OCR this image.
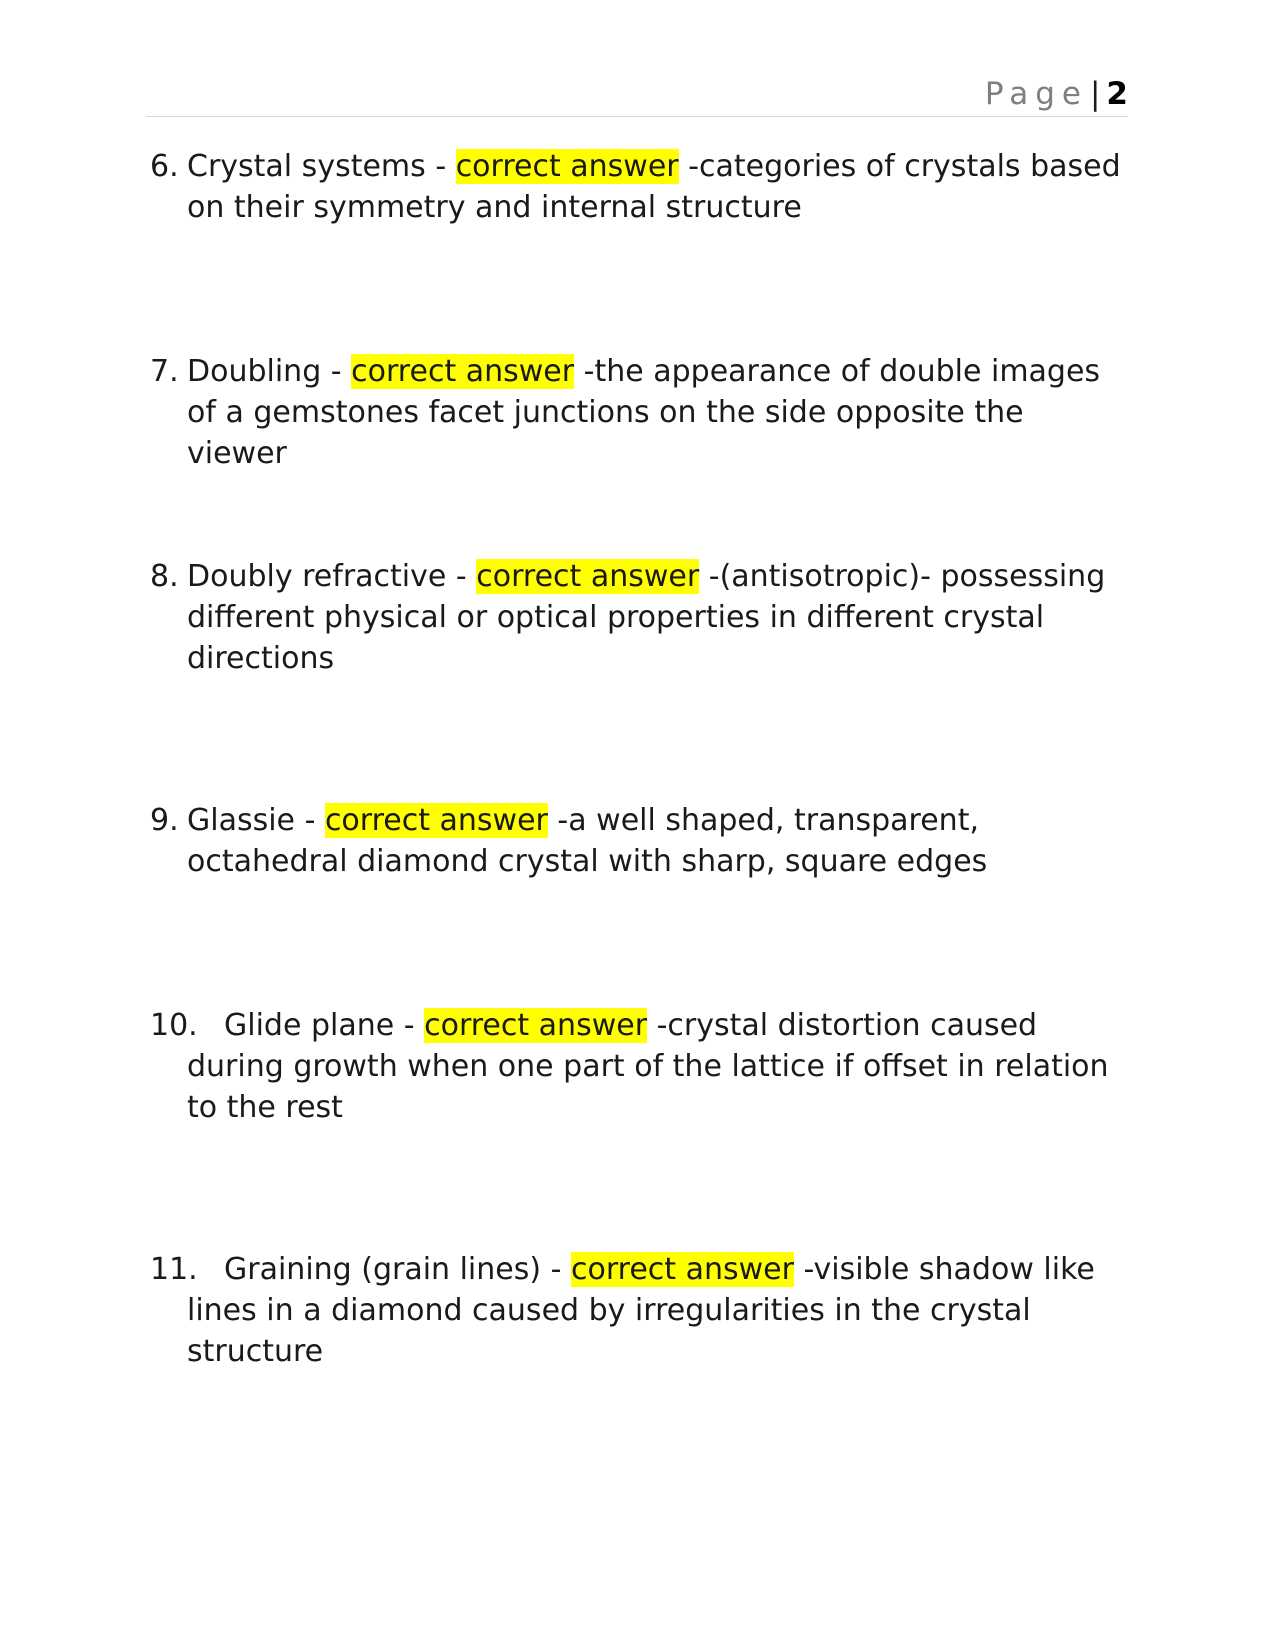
Page| 2
6. Crystal systems - correct answer -categories of crystals based on their symmetry and internal structure
7. Doubling - correct answer -the appearance of double images of a gemstones facet junctions on the side opposite the viewer
8. Doubly refractive - correct answer -(antisotropic)- possessing different physical or optical properties in different crystal directions
9. Glassie - correct answer -a well shaped, transparent, octahedral diamond crystal with sharp, square edges
10. Glide plane - correct answer -crystal distortion caused during growth when one part of the lattice if offset in relation to the rest
11. Graining (grain lines) - correct answer -visible shadow like lines in a diamond caused by irregularities in the crystal structure
